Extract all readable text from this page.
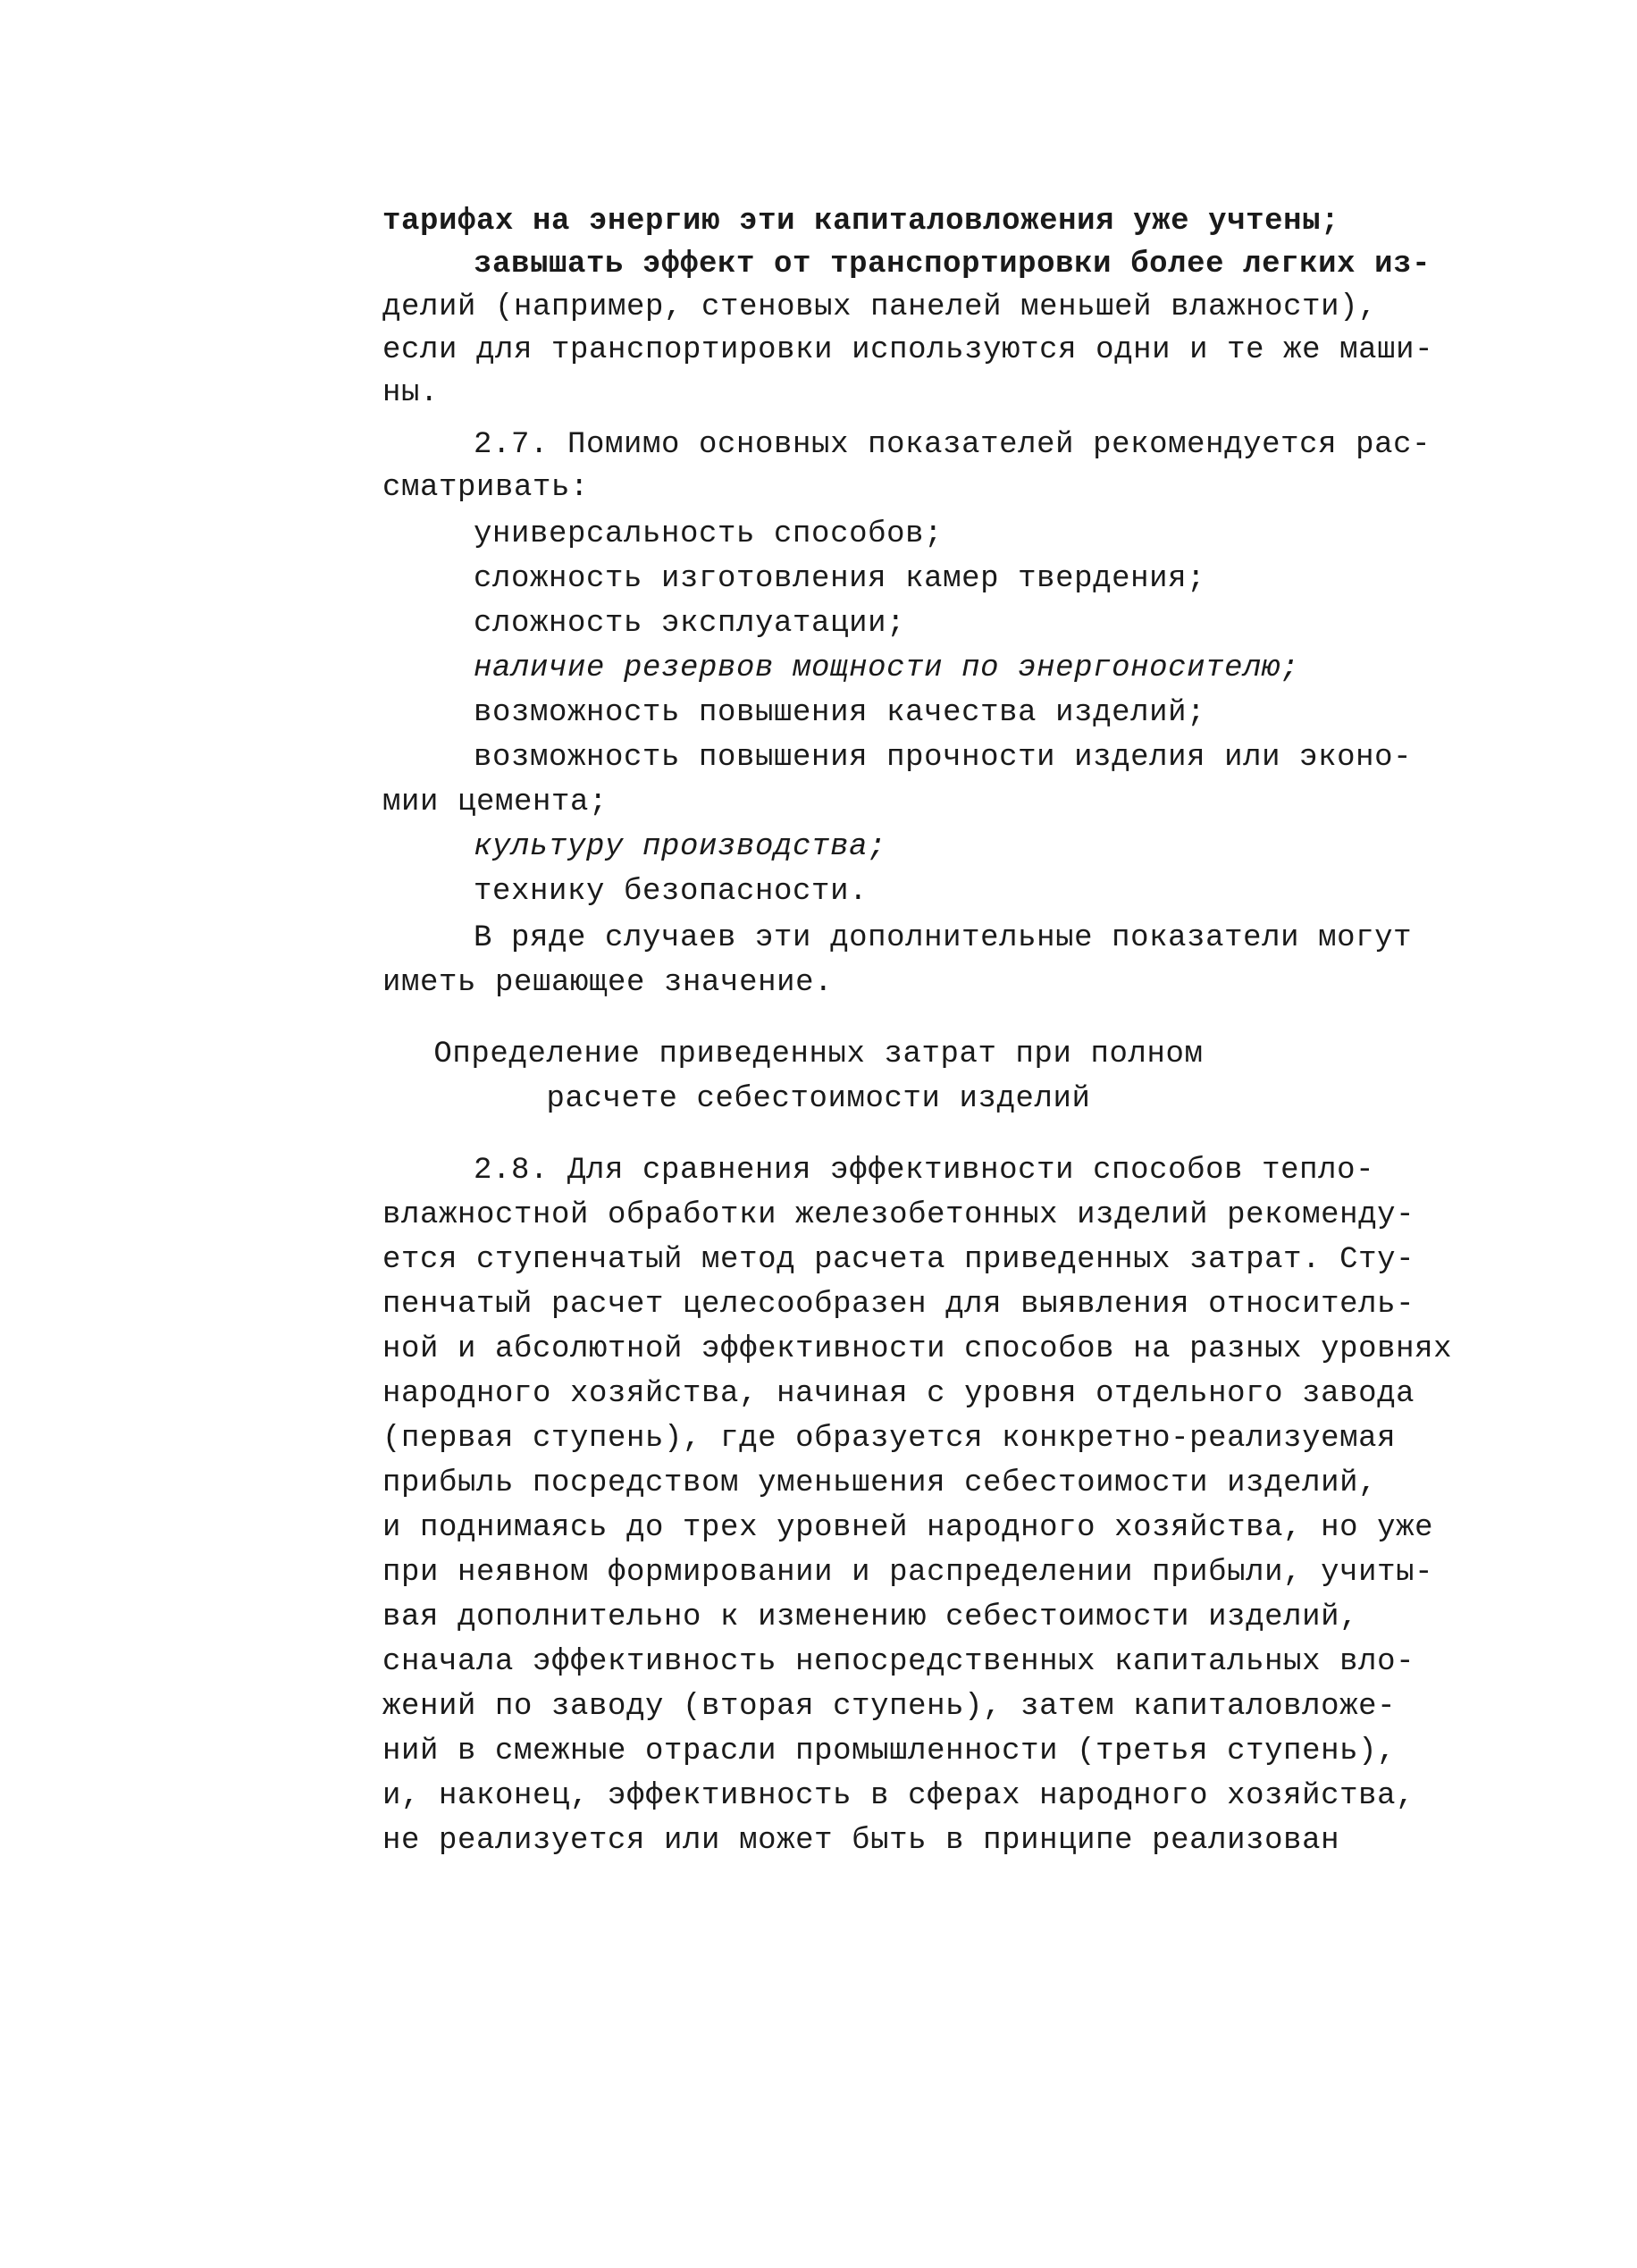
тарифах на энергию эти капиталовложения уже учтены;
завышать эффект от транспортировки более легких из-
делий (например, стеновых панелей меньшей влажности),
если для транспортировки используются одни и те же маши-
ны.
2.7. Помимо основных показателей рекомендуется рас-
сматривать:
универсальность способов;
сложность изготовления камер твердения;
сложность эксплуатации;
наличие резервов мощности по энергоносителю;
возможность повышения качества изделий;
возможность повышения прочности изделия или эконо-
мии цемента;
культуру производства;
технику безопасности.
В ряде случаев эти дополнительные показатели могут
иметь решающее значение.
Определение приведенных затрат при полном
расчете себестоимости изделий
2.8. Для сравнения эффективности способов тепло-
влажностной обработки железобетонных изделий рекоменду-
ется ступенчатый метод расчета приведенных затрат. Сту-
пенчатый расчет целесообразен для выявления относитель-
ной и абсолютной эффективности способов на разных уровнях
народного хозяйства, начиная с уровня отдельного завода
(первая ступень), где образуется конкретно-реализуемая
прибыль посредством уменьшения себестоимости изделий,
и поднимаясь до трех уровней народного хозяйства, но уже
при неявном формировании и распределении прибыли, учиты-
вая дополнительно к изменению себестоимости изделий,
сначала эффективность непосредственных капитальных вло-
жений по заводу (вторая ступень), затем капиталовложе-
ний в смежные отрасли промышленности (третья ступень),
и, наконец, эффективность в сферах народного хозяйства,
не реализуется или может быть в принципе реализован
